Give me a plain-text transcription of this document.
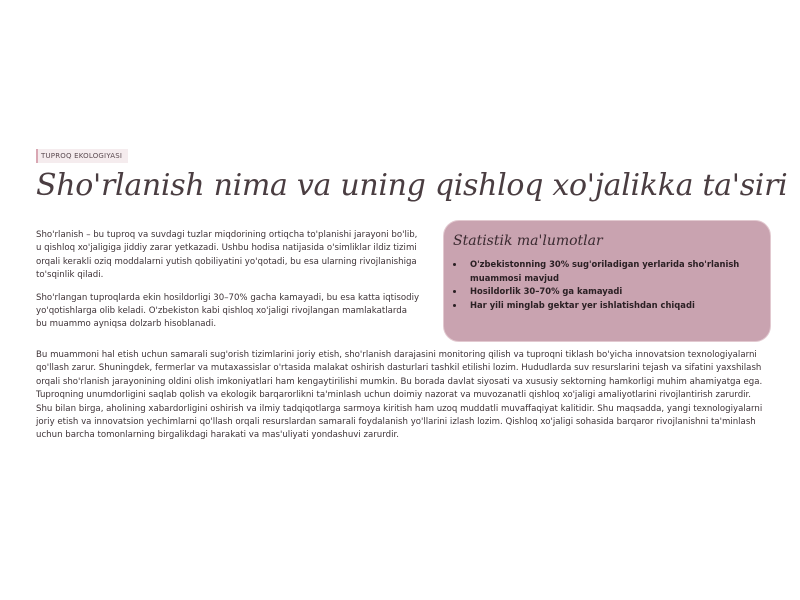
TUPROQ EKOLOGIYASI
Sho'rlanish nima va uning qishloq xo'jalikka ta'siri

Sho'rlanish – bu tuproq va suvdagi tuzlar miqdorining ortiqcha to'planishi jarayoni bo'lib, u qishloq xo'jaligiga jiddiy zarar yetkazadi. Ushbu hodisa natijasida o'simliklar ildiz tizimi orqali kerakli oziq moddalarni yutish qobiliyatini yo'qotadi, bu esa ularning rivojlanishiga to'sqinlik qiladi.

Sho'rlangan tuproqlarda ekin hosildorligi 30–70% gacha kamayadi, bu esa katta iqtisodiy yo'qotishlarga olib keladi. O'zbekiston kabi qishloq xo'jaligi rivojlangan mamlakatlarda bu muammo ayniqsa dolzarb hisoblanadi.

Statistik ma'lumotlar
O'zbekistonning 30% sug'oriladigan yerlarida sho'rlanish muammosi mavjud
Hosildorlik 30–70% ga kamayadi
Har yili minglab gektar yer ishlatishdan chiqadi

Bu muammoni hal etish uchun samarali sug'orish tizimlarini joriy etish, sho'rlanish darajasini monitoring qilish va tuproqni tiklash bo'yicha innovatsion texnologiyalarni qo'llash zarur. Shuningdek, fermerlar va mutaxassislar o'rtasida malakat oshirish dasturlari tashkil etilishi lozim. Hududlarda suv resurslarini tejash va sifatini yaxshilash orqali sho'rlanish jarayonining oldini olish imkoniyatlari ham kengaytirilishi mumkin. Bu borada davlat siyosati va xususiy sektorning hamkorligi muhim ahamiyatga ega. Tuproqning unumdorligini saqlab qolish va ekologik barqarorlikni ta'minlash uchun doimiy nazorat va muvozanatli qishloq xo'jaligi amaliyotlarini rivojlantirish zarurdir. Shu bilan birga, aholining xabardorligini oshirish va ilmiy tadqiqotlarga sarmoya kiritish ham uzoq muddatli muvaffaqiyat kalitidir. Shu maqsadda, yangi texnologiyalarni joriy etish va innovatsion yechimlarni qo'llash orqali resurslardan samarali foydalanish yo'llarini izlash lozim. Qishloq xo'jaligi sohasida barqaror rivojlanishni ta'minlash uchun barcha tomonlarning birgalikdagi harakati va mas'uliyati yondashuvi zarurdir.
